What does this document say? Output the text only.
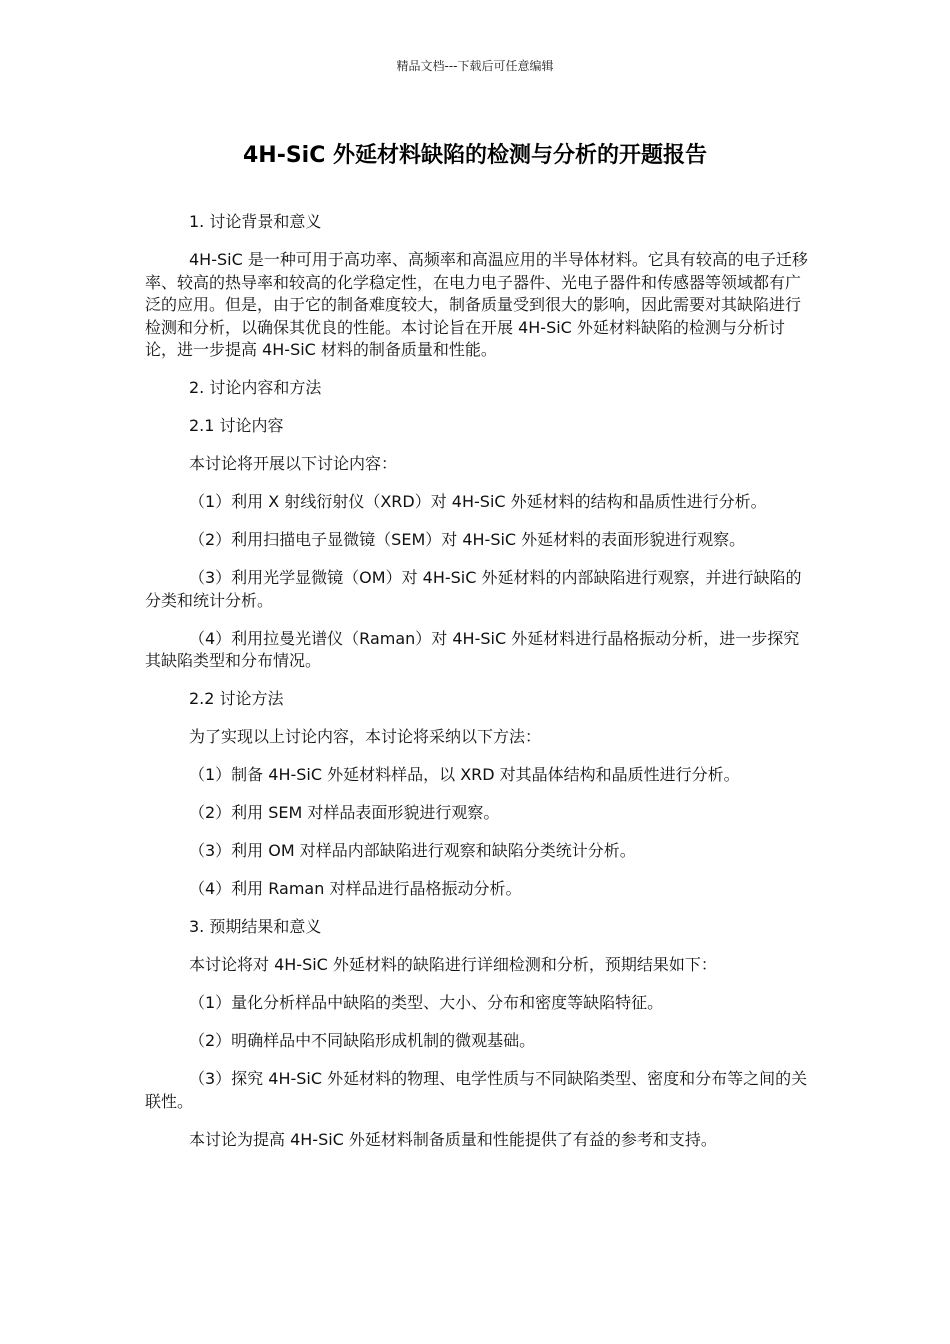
精品文档---下载后可任意编辑
4H-SiC 外延材料缺陷的检测与分析的开题报告

1. 讨论背景和意义

4H-SiC 是一种可用于高功率、高频率和高温应用的半导体材料。它具有较高的电子迁移率、较高的热导率和较高的化学稳定性，在电力电子器件、光电子器件和传感器等领域都有广泛的应用。但是，由于它的制备难度较大，制备质量受到很大的影响，因此需要对其缺陷进行检测和分析，以确保其优良的性能。本讨论旨在开展 4H-SiC 外延材料缺陷的检测与分析讨论，进一步提高 4H-SiC 材料的制备质量和性能。

2. 讨论内容和方法

2.1 讨论内容

本讨论将开展以下讨论内容：

（1）利用 X 射线衍射仪（XRD）对 4H-SiC 外延材料的结构和晶质性进行分析。

（2）利用扫描电子显微镜（SEM）对 4H-SiC 外延材料的表面形貌进行观察。

（3）利用光学显微镜（OM）对 4H-SiC 外延材料的内部缺陷进行观察，并进行缺陷的分类和统计分析。

（4）利用拉曼光谱仪（Raman）对 4H-SiC 外延材料进行晶格振动分析，进一步探究其缺陷类型和分布情况。

2.2 讨论方法

为了实现以上讨论内容，本讨论将采纳以下方法：

（1）制备 4H-SiC 外延材料样品，以 XRD 对其晶体结构和晶质性进行分析。

（2）利用 SEM 对样品表面形貌进行观察。

（3）利用 OM 对样品内部缺陷进行观察和缺陷分类统计分析。

（4）利用 Raman 对样品进行晶格振动分析。

3. 预期结果和意义

本讨论将对 4H-SiC 外延材料的缺陷进行详细检测和分析，预期结果如下：

（1）量化分析样品中缺陷的类型、大小、分布和密度等缺陷特征。

（2）明确样品中不同缺陷形成机制的微观基础。

（3）探究 4H-SiC 外延材料的物理、电学性质与不同缺陷类型、密度和分布等之间的关联性。

本讨论为提高 4H-SiC 外延材料制备质量和性能提供了有益的参考和支持。
